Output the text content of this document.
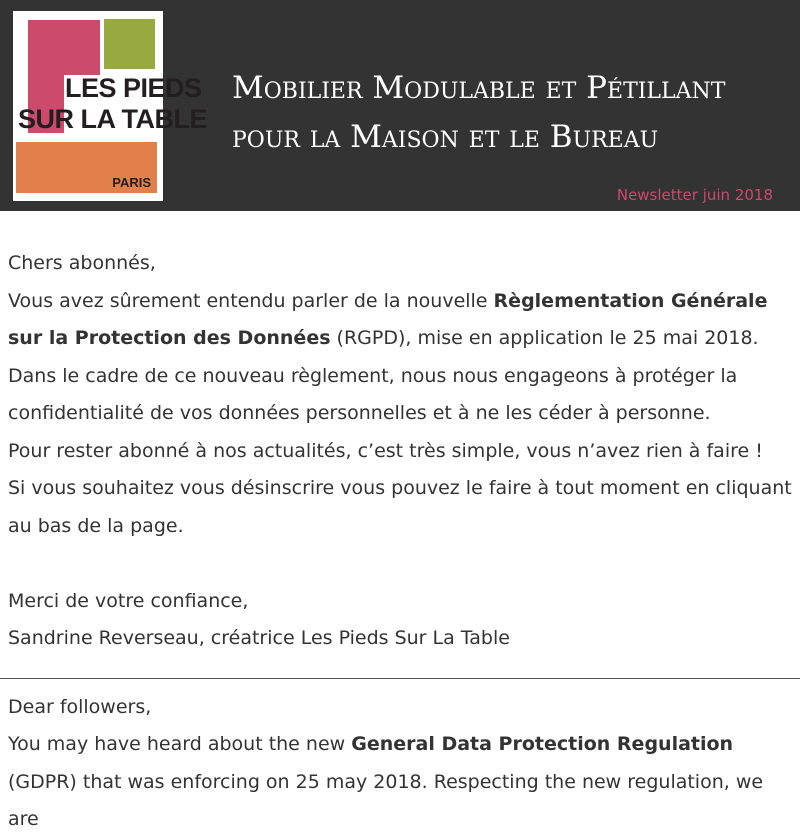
LES PIEDS
SUR LA TABLE
PARIS
Mobilier Modulable et Pétillant
pour la Maison et le Bureau
Newsletter juin 2018

Chers abonnés,

Vous avez sûrement entendu parler de la nouvelle Règlementation Générale sur la Protection des Données (RGPD), mise en application le 25 mai 2018. Dans le cadre de ce nouveau règlement, nous nous engageons à protéger la confidentialité de vos données personnelles et à ne les céder à personne.

Pour rester abonné à nos actualités, c’est très simple, vous n’avez rien à faire !

Si vous souhaitez vous désinscrire vous pouvez le faire à tout moment en cliquant au bas de la page.

Merci de votre confiance,

Sandrine Reverseau, créatrice Les Pieds Sur La Table

Dear followers,

You may have heard about the new General Data Protection Regulation (GDPR) that was enforcing on 25 may 2018. Respecting the new regulation, we are
